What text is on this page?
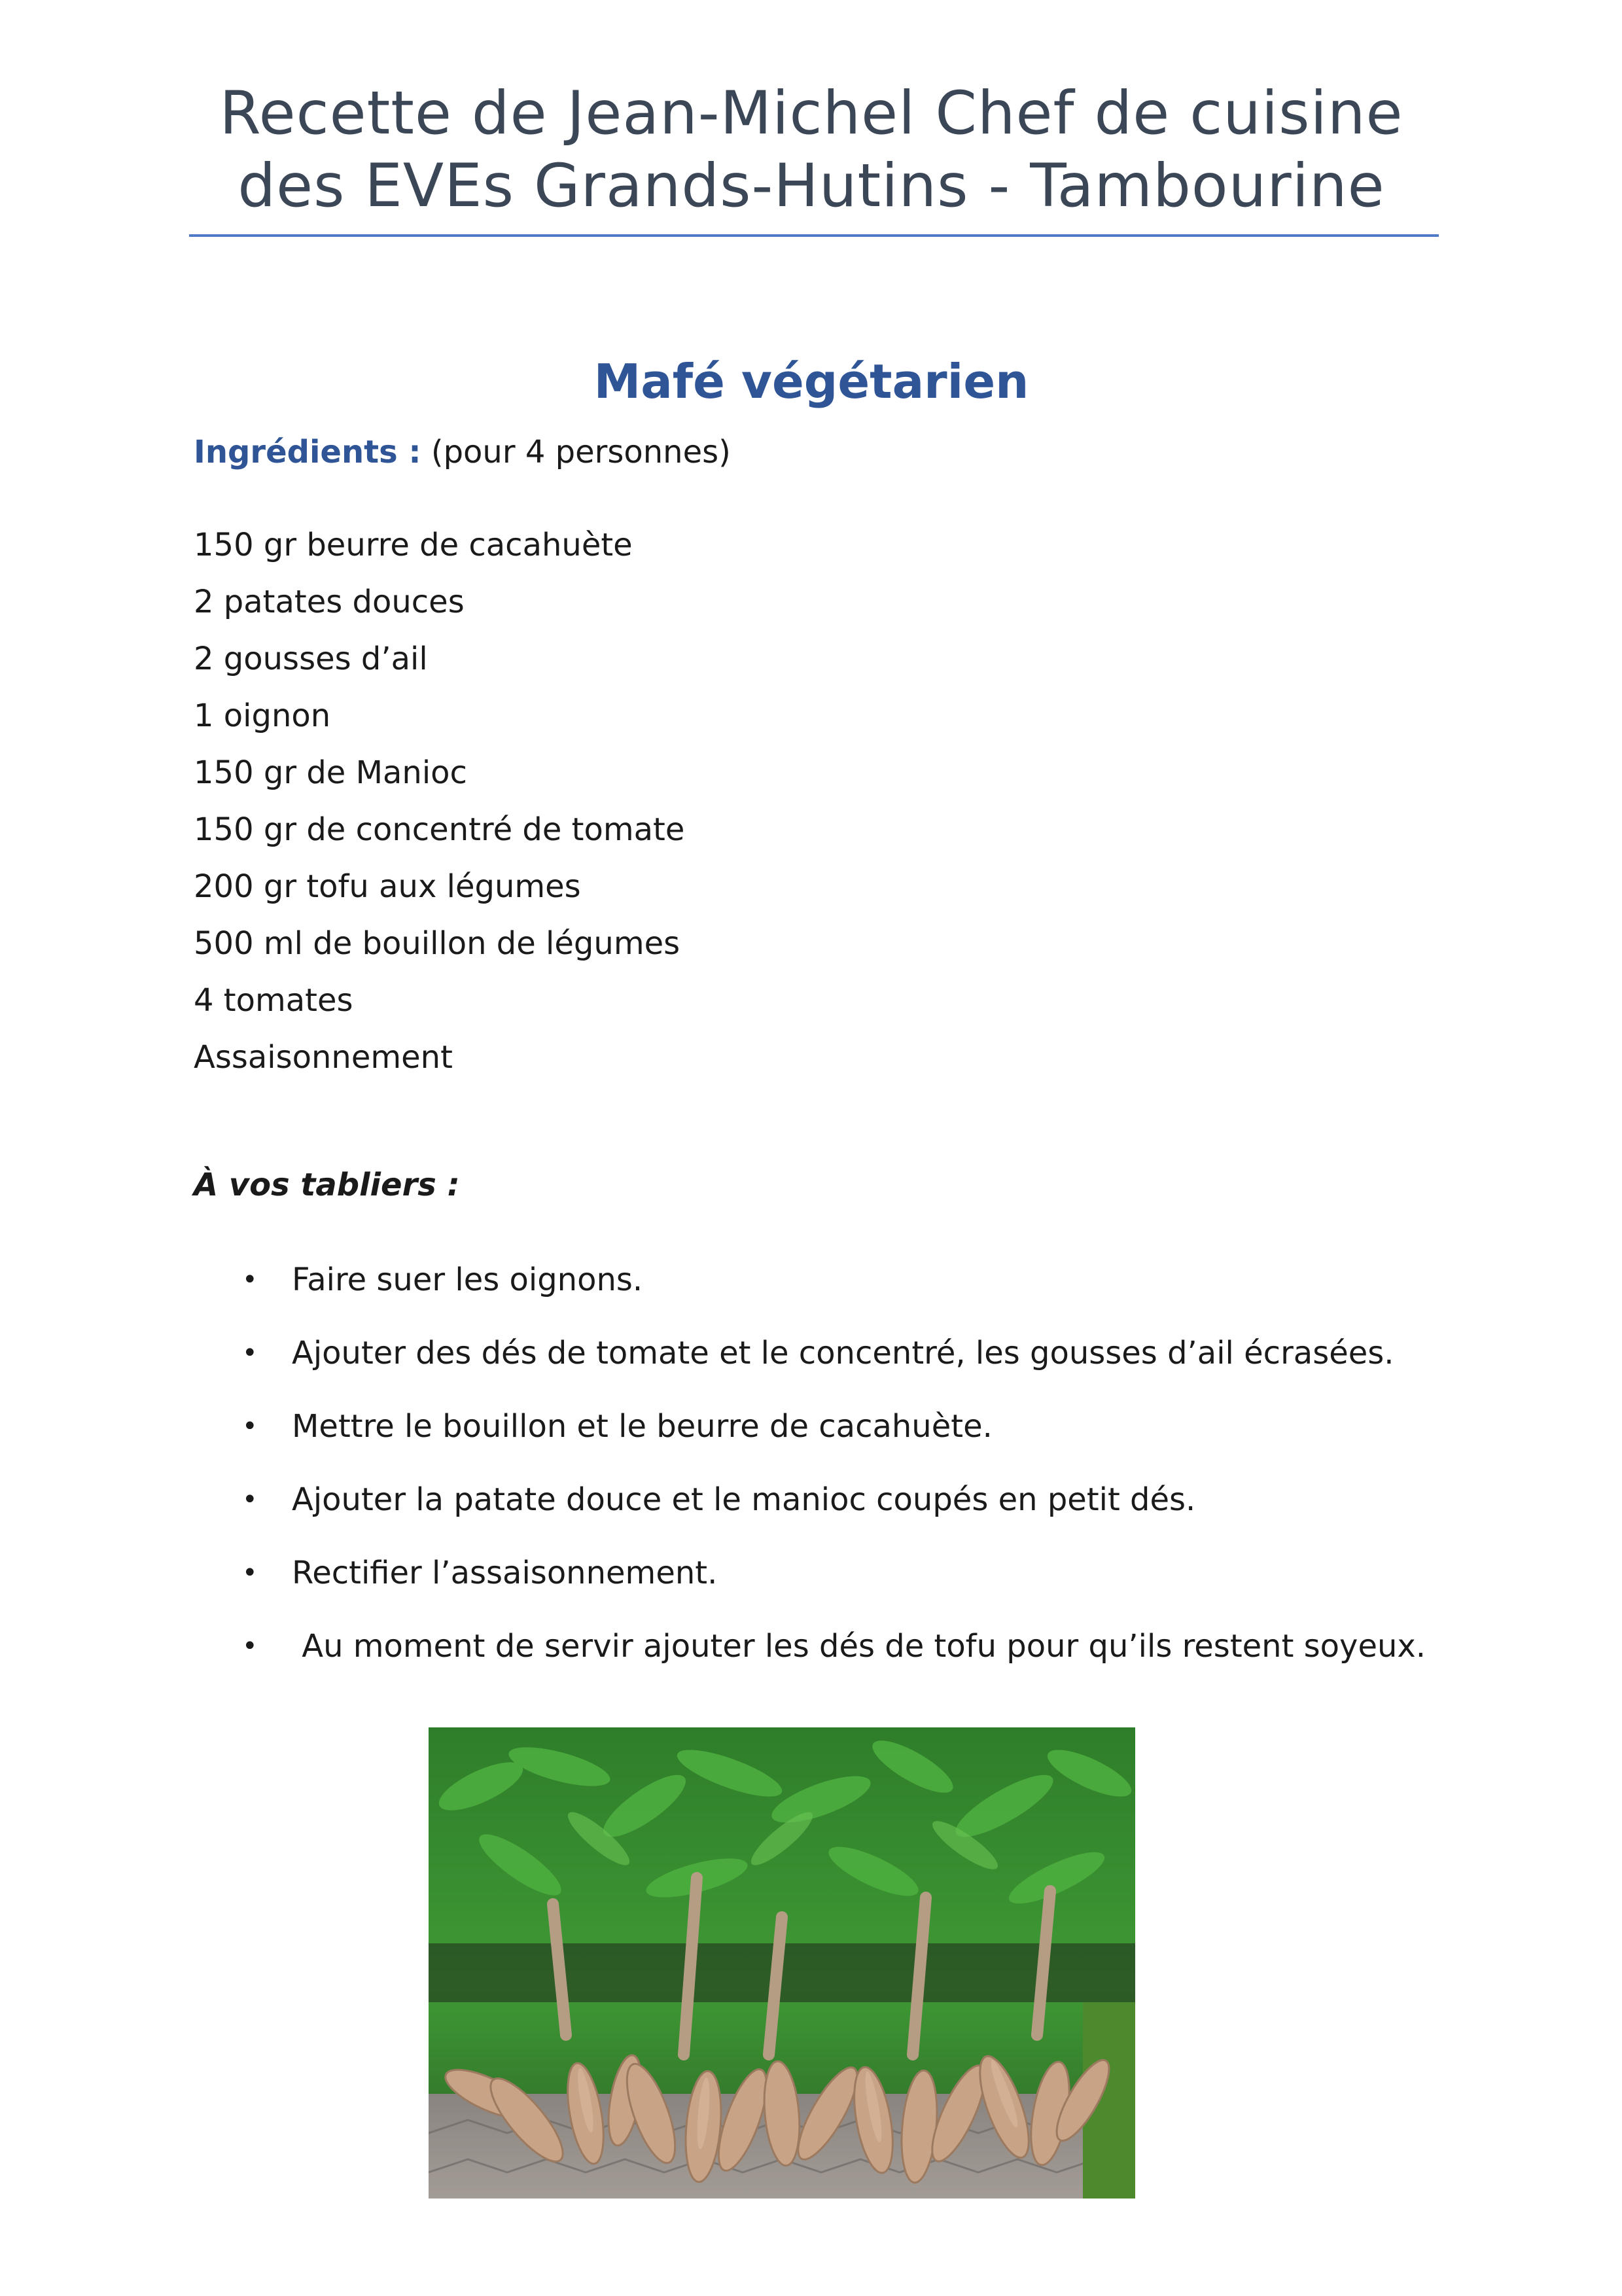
Recette de Jean-Michel Chef de cuisine
des EVEs Grands-Hutins - Tambourine
Mafé végétarien

Ingrédients : (pour 4 personnes)

150 gr beurre de cacahuète
2 patates douces
2 gousses d’ail
1 oignon
150 gr de Manioc
150 gr de concentré de tomate
200 gr tofu aux légumes
500 ml de bouillon de légumes
4 tomates
Assaisonnement

À vos tabliers :

• Faire suer les oignons.
• Ajouter des dés de tomate et le concentré, les gousses d’ail écrasées.
• Mettre le bouillon et le beurre de cacahuète.
• Ajouter la patate douce et le manioc coupés en petit dés.
• Rectifier l’assaisonnement.
• Au moment de servir ajouter les dés de tofu pour qu’ils restent soyeux.
